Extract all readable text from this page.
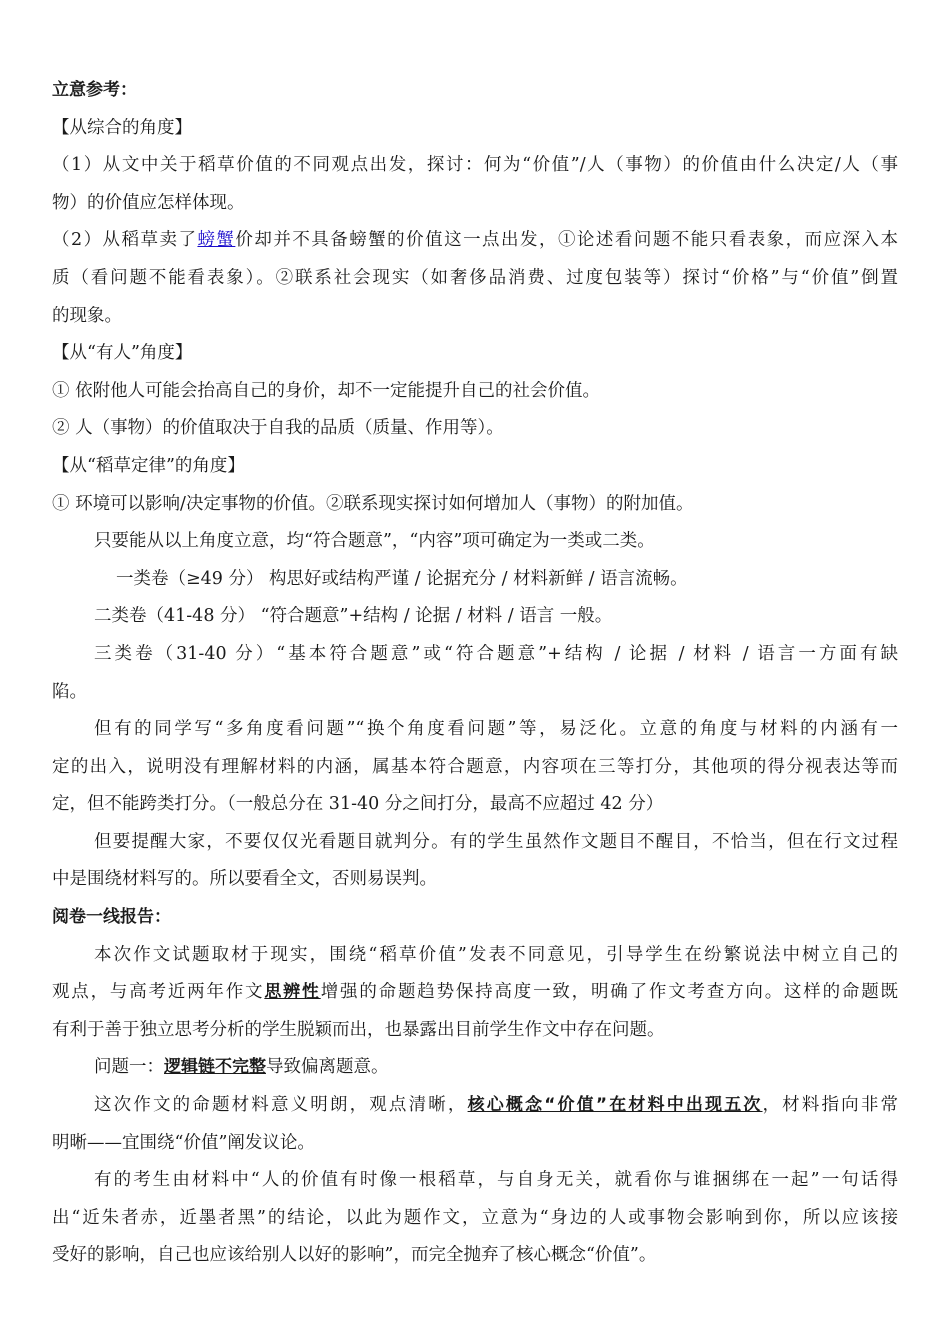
立意参考：
【从综合的角度】
（1）从文中关于稻草价值的不同观点出发，探讨：何为“价值”/人（事物）的价值由什么决定/人（事
物）的价值应怎样体现。
（2）从稻草卖了螃蟹价却并不具备螃蟹的价值这一点出发，①论述看问题不能只看表象，而应深入本
质（看问题不能看表象）。②联系社会现实（如奢侈品消费、过度包装等）探讨“价格”与“价值”倒置
的现象。
【从“有人”角度】
① 依附他人可能会抬高自己的身价，却不一定能提升自己的社会价值。
② 人（事物）的价值取决于自我的品质（质量、作用等）。
【从“稻草定律”的角度】
① 环境可以影响/决定事物的价值。②联系现实探讨如何增加人（事物）的附加值。
只要能从以上角度立意，均“符合题意”，“内容”项可确定为一类或二类。
一类卷（≥49 分） 构思好或结构严谨 / 论据充分 / 材料新鲜 / 语言流畅。
二类卷（41-48 分） “符合题意”+结构 / 论据 / 材料 / 语言 一般。
三类卷（31-40 分）“基本符合题意”或“符合题意”+结构 / 论据 / 材料 / 语言一方面有缺
陷。
但有的同学写“多角度看问题”“换个角度看问题”等，易泛化。立意的角度与材料的内涵有一
定的出入，说明没有理解材料的内涵，属基本符合题意，内容项在三等打分，其他项的得分视表达等而
定，但不能跨类打分。（一般总分在 31-40 分之间打分，最高不应超过 42 分）
但要提醒大家，不要仅仅光看题目就判分。有的学生虽然作文题目不醒目，不恰当，但在行文过程
中是围绕材料写的。所以要看全文，否则易误判。
阅卷一线报告：
本次作文试题取材于现实，围绕“稻草价值”发表不同意见，引导学生在纷繁说法中树立自己的
观点，与高考近两年作文思辨性增强的命题趋势保持高度一致，明确了作文考查方向。这样的命题既
有利于善于独立思考分析的学生脱颖而出，也暴露出目前学生作文中存在问题。
问题一：逻辑链不完整导致偏离题意。
这次作文的命题材料意义明朗，观点清晰，核心概念“价值”在材料中出现五次，材料指向非常
明晰——宜围绕“价值”阐发议论。
有的考生由材料中“人的价值有时像一根稻草，与自身无关，就看你与谁捆绑在一起”一句话得
出“近朱者赤，近墨者黑”的结论，以此为题作文，立意为“身边的人或事物会影响到你，所以应该接
受好的影响，自己也应该给别人以好的影响”，而完全抛弃了核心概念“价值”。
